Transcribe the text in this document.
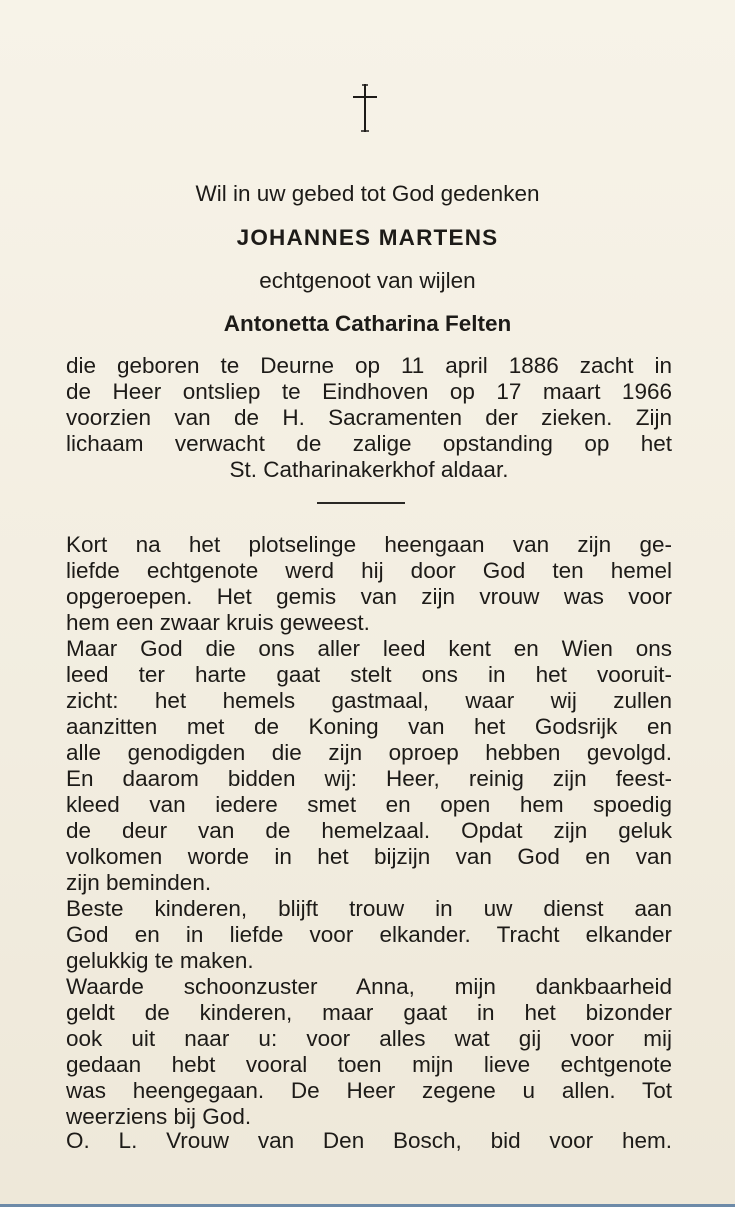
Wil in uw gebed tot God gedenken
JOHANNES MARTENS
echtgenoot van wijlen
Antonetta Catharina Felten
die geboren te Deurne op 11 april 1886 zacht in
de Heer ontsliep te Eindhoven op 17 maart 1966
voorzien van de H. Sacramenten der zieken. Zijn
lichaam verwacht de zalige opstanding op het
St. Catharinakerkhof aldaar.
Kort na het plotselinge heengaan van zijn ge-
liefde echtgenote werd hij door God ten hemel
opgeroepen. Het gemis van zijn vrouw was voor
hem een zwaar kruis geweest.
Maar God die ons aller leed kent en Wien ons
leed ter harte gaat stelt ons in het vooruit-
zicht: het hemels gastmaal, waar wij zullen
aanzitten met de Koning van het Godsrijk en
alle genodigden die zijn oproep hebben gevolgd.
En daarom bidden wij: Heer, reinig zijn feest-
kleed van iedere smet en open hem spoedig
de deur van de hemelzaal. Opdat zijn geluk
volkomen worde in het bijzijn van God en van
zijn beminden.
Beste kinderen, blijft trouw in uw dienst aan
God en in liefde voor elkander. Tracht elkander
gelukkig te maken.
Waarde schoonzuster Anna, mijn dankbaarheid
geldt de kinderen, maar gaat in het bizonder
ook uit naar u: voor alles wat gij voor mij
gedaan hebt vooral toen mijn lieve echtgenote
was heengegaan. De Heer zegene u allen. Tot
weerziens bij God.
O. L. Vrouw van Den Bosch, bid voor hem.
